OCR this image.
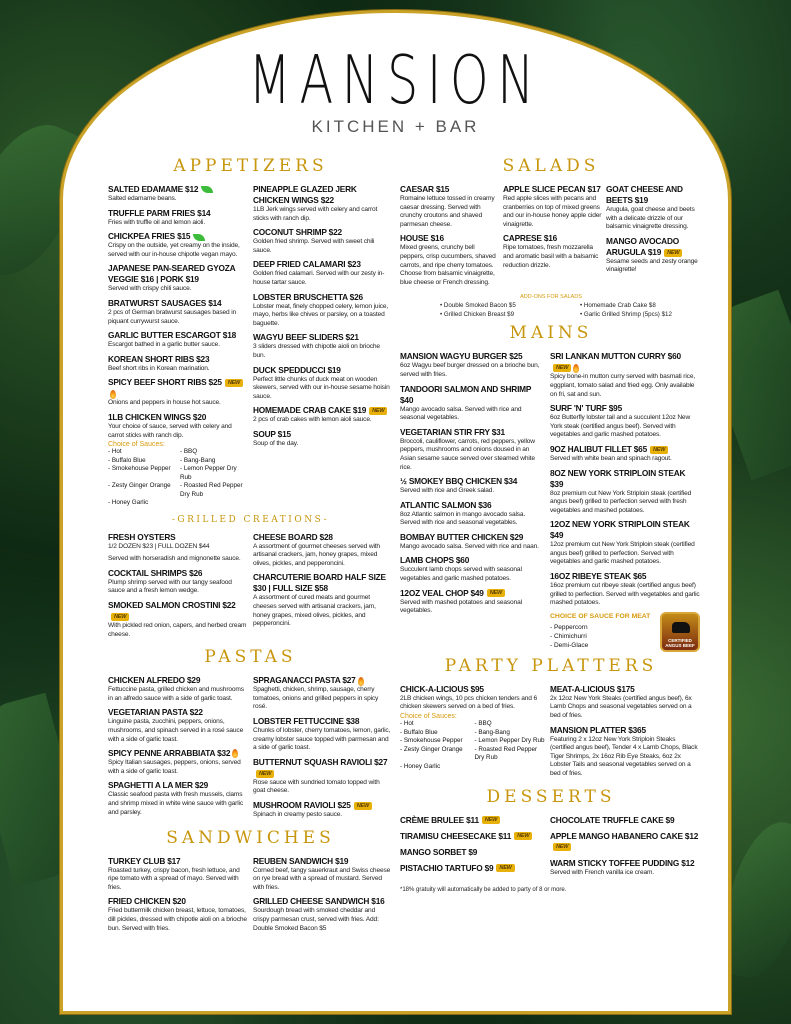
MANSION
KITCHEN + BAR
APPETIZERS
SALTED EDAMAME $12
Salted edamame beans.
TRUFFLE PARM FRIES $14
Fries with truffle oil and lemon aioli.
CHICKPEA FRIES $15
Crispy on the outside, yet creamy on the inside, served with our in-house chipotle vegan mayo.
JAPANESE PAN-SEARED GYOZA VEGGIE $16 | PORK $19
Served with crispy chili sauce.
BRATWURST SAUSAGES $14
2 pcs of German bratwurst sausages based in piquant currywurst sauce.
GARLIC BUTTER ESCARGOT $18
Escargot bathed in a garlic butter sauce.
KOREAN SHORT RIBS $23
Beef short ribs in Korean marination.
SPICY BEEF SHORT RIBS $25 NEW
Onions and peppers in house hot sauce.
1LB CHICKEN WINGS $20
Your choice of sauce, served with celery and carrot sticks with ranch dip.
Choice of Sauces:
- Hot	- BBQ
- Buffalo Blue	- Bang-Bang
- Smokehouse Pepper	- Lemon Pepper Dry Rub
- Zesty Ginger Orange	- Roasted Red Pepper Dry Rub
- Honey Garlic
PINEAPPLE GLAZED JERK CHICKEN WINGS $22
1LB Jerk wings served with celery and carrot sticks with ranch dip.
COCONUT SHRIMP $22
Golden fried shrimp. Served with sweet chili sauce.
DEEP FRIED CALAMARI $23
Golden fried calamari. Served with our zesty in-house tartar sauce.
LOBSTER BRUSCHETTA $26
Lobster meat, finely chopped celery, lemon juice, mayo, herbs like chives or parsley, on a toasted baguette.
WAGYU BEEF SLIDERS $21
3 sliders dressed with chipotle aioli on brioche bun.
DUCK SPEDDUCCI $19
Perfect little chunks of duck meat on wooden skewers, served with our in-house sesame hoisin sauce.
HOMEMADE CRAB CAKE $19 NEW
2 pcs of crab cakes with lemon aioli sauce.
SOUP $15
Soup of the day.
-GRILLED CREATIONS-
FRESH OYSTERS
1/2 DOZEN $23 | FULL DOZEN $44
Served with horseradish and mignonette sauce.
COCKTAIL SHRIMPS $26
Plump shrimp served with our tangy seafood sauce and a fresh lemon wedge.
SMOKED SALMON CROSTINI $22NEW
With pickled red onion, capers, and herbed cream cheese.
CHEESE BOARD $28
A assortment of gourmet cheeses served with artisanal crackers, jam, honey grapes, mixed olives, pickles, and pepperoncini.
CHARCUTERIE BOARD HALF SIZE $30 | FULL SIZE $58
A assortment of cured meats and gourmet cheeses served with artisanal crackers, jam, honey grapes, mixed olives, pickles, and pepperoncini.
PASTAS
CHICKEN ALFREDO $29
Fettuccine pasta, grilled chicken and mushrooms in an alfredo sauce with a side of garlic toast.
VEGETARIAN PASTA $22
Linguine pasta, zucchini, peppers, onions, mushrooms, and spinach served in a rosé sauce with a side of garlic toast.
SPICY PENNE ARRABBIATA $32
Spicy Italian sausages, peppers, onions, served with a side of garlic toast.
SPAGHETTI A LA MER $29
Classic seafood pasta with fresh mussels, clams and shrimp mixed in white wine sauce with garlic and parsley.
SPRAGANACCI PASTA $27
Spaghetti, chicken, shrimp, sausage, cherry tomatoes, onions and grilled peppers in spicy rosé.
LOBSTER FETTUCCINE $38
Chunks of lobster, cherry tomatoes, lemon, garlic, creamy lobster sauce topped with parmesan and a side of garlic toast.
BUTTERNUT SQUASH RAVIOLI $27NEW
Rose sauce with sundried tomato topped with goat cheese.
MUSHROOM RAVIOLI $25 NEW
Spinach in creamy pesto sauce.
SANDWICHES
TURKEY CLUB $17
Roasted turkey, crispy bacon, fresh lettuce, and ripe tomato with a spread of mayo. Served with fries.
FRIED CHICKEN $20
Fried buttermilk chicken breast, lettuce, tomatoes, dill pickles, dressed with chipotle aioli on a brioche bun. Served with fries.
REUBEN SANDWICH $19
Corned beef, tangy sauerkraut and Swiss cheese on rye bread with a spread of mustard. Served with fries.
GRILLED CHEESE SANDWICH $16
Sourdough bread with smoked cheddar and crispy parmesan crust, served with fries. Add: Double Smoked Bacon $5
SALADS
CAESAR $15
Romaine lettuce tossed in creamy caesar dressing. Served with crunchy croutons and shaved parmesan cheese.
HOUSE $16
Mixed greens, crunchy bell peppers, crisp cucumbers, shaved carrots, and ripe cherry tomatoes. Choose from balsamic vinaigrette, blue cheese or French dressing.
APPLE SLICE PECAN $17
Red apple slices with pecans and cranberries on top of mixed greens and our in-house honey apple cider vinaigrette.
CAPRESE $16
Ripe tomatoes, fresh mozzarella and aromatic basil with a balsamic reduction drizzle.
GOAT CHEESE AND BEETS $19
Arugula, goat cheese and beets with a delicate drizzle of our balsamic vinaigrette dressing.
MANGO AVOCADO ARUGULA $19 NEW
Sesame seeds and zesty orange vinaigrette!
ADD-ONS FOR SALADS
• Double Smoked Bacon $5	• Homemade Crab Cake $8
• Grilled Chicken Breast $9	• Garlic Grilled Shrimp (5pcs) $12
MAINS
MANSION WAGYU BURGER $25
6oz Wagyu beef burger dressed on a brioche bun, served with fries.
TANDOORI SALMON AND SHRIMP $40
Mango avocado salsa. Served with rice and seasonal vegetables.
VEGETARIAN STIR FRY $31
Broccoli, cauliflower, carrots, red peppers, yellow peppers, mushrooms and onions doused in an Asian sesame sauce served over steamed white rice.
½ SMOKEY BBQ CHICKEN $34
Served with rice and Greek salad.
ATLANTIC SALMON $36
8oz Atlantic salmon in mango avocado salsa. Served with rice and seasonal vegetables.
BOMBAY BUTTER CHICKEN $29
Mango avocado salsa. Served with rice and naan.
LAMB CHOPS $60
Succulent lamb chops served with seasonal vegetables and garlic mashed potatoes.
12OZ VEAL CHOP $49 NEW
Served with mashed potatoes and seasonal vegetables.
SRI LANKAN MUTTON CURRY $60NEW
Spicy bone-in mutton curry served with basmati rice, eggplant, tomato salad and fried egg. Only available on fri, sat and sun.
SURF 'N' TURF $95
6oz Butterfly lobster tail and a succulent 12oz New York steak (certified angus beef). Served with vegetables and garlic mashed potatoes.
9OZ HALIBUT FILLET $65 NEW
Served with white bean and spinach ragout.
8OZ NEW YORK STRIPLOIN STEAK $39
8oz premium cut New York Striploin steak (certified angus beef) grilled to perfection served with fresh vegetables and mashed potatoes.
12OZ NEW YORK STRIPLOIN STEAK $49
12oz premium cut New York Striploin steak (certified angus beef) grilled to perfection. Served with vegetables and garlic mashed potatoes.
16OZ RIBEYE STEAK $65
16oz premium cut ribeye steak (certified angus beef) grilled to perfection. Served with vegetables and garlic mashed potatoes.
CHOICE OF SAUCE FOR MEAT
- Peppercorn
- Chimichurri
- Demi-Glace
CERTIFIED ANGUS BEEF
PARTY PLATTERS
CHICK-A-LICIOUS $95
2LB chicken wings, 10 pcs chicken tenders and 6 chicken skewers served on a bed of fries.
Choice of Sauces:
- Hot	- BBQ
- Buffalo Blue	- Bang-Bang
- Smokehouse Pepper	- Lemon Pepper Dry Rub
- Zesty Ginger Orange	- Roasted Red Pepper Dry Rub
- Honey Garlic
MEAT-A-LICIOUS $175
2x 12oz New York Steaks (certified angus beef), 6x Lamb Chops and seasonal vegetables served on a bed of fries.
MANSION PLATTER $365
Featuring 2 x 12oz New York Striploin Steaks (certified angus beef), Tender 4 x Lamb Chops, Black Tiger Shrimps, 2x 16oz Rib Eye Steaks, 6oz 2x Lobster Tails and seasonal vegetables served on a bed of fries.
DESSERTS
CRÈME BRULEE $11 NEW
TIRAMISU CHEESECAKE $11 NEW
MANGO SORBET $9
PISTACHIO TARTUFO $9 NEW
CHOCOLATE TRUFFLE CAKE $9
APPLE MANGO HABANERO CAKE $12NEW
WARM STICKY TOFFEE PUDDING $12
Served with French vanilla ice cream.
*18% gratuity will automatically be added to party of 8 or more.
